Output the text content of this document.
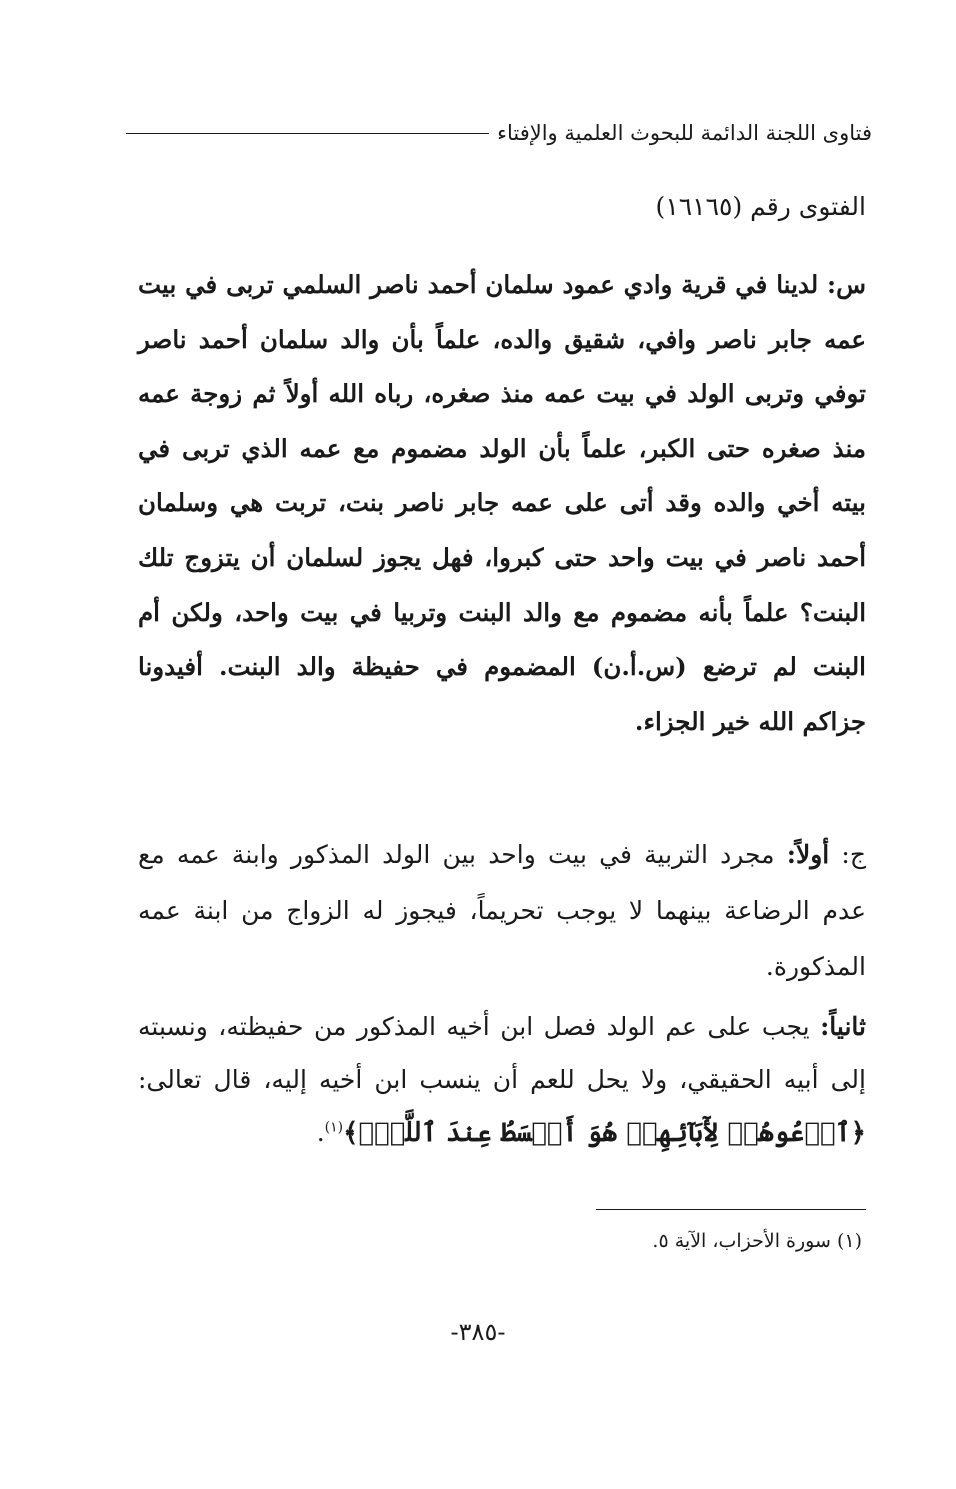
فتاوى اللجنة الدائمة للبحوث العلمية والإفتاء
الفتوى رقم (١٦١٦٥)
س: لدينا في قرية وادي عمود سلمان أحمد ناصر السلمي تربى في بيت عمه جابر ناصر وافي، شقيق والده، علماً بأن والد سلمان أحمد ناصر توفي وتربى الولد في بيت عمه منذ صغره، رباه الله أولاً ثم زوجة عمه منذ صغره حتى الكبر، علماً بأن الولد مضموم مع عمه الذي تربى في بيته أخي والده وقد أتى على عمه جابر ناصر بنت، تربت هي وسلمان أحمد ناصر في بيت واحد حتى كبروا، فهل يجوز لسلمان أن يتزوج تلك البنت؟ علماً بأنه مضموم مع والد البنت وتربيا في بيت واحد، ولكن أم البنت لم ترضع (س.أ.ن) المضموم في حفيظة والد البنت. أفيدونا جزاكم الله خير الجزاء.
ج: أولاً: مجرد التربية في بيت واحد بين الولد المذكور وابنة عمه مع عدم الرضاعة بينهما لا يوجب تحريماً، فيجوز له الزواج من ابنة عمه المذكورة.
ثانياً: يجب على عم الولد فصل ابن أخيه المذكور من حفيظته، ونسبته إلى أبيه الحقيقي، ولا يحل للعم أن ينسب ابن أخيه إليه، قال تعالى: ﴿ٱدۡعُوهُمۡ لِأٓبَآئِهِمۡ هُوَ أَقۡسَطُ عِندَ ٱللَّهِۚ﴾$^{(١)}$.
(١) سورة الأحزاب، الآية ٥.
-٣٨٥-
